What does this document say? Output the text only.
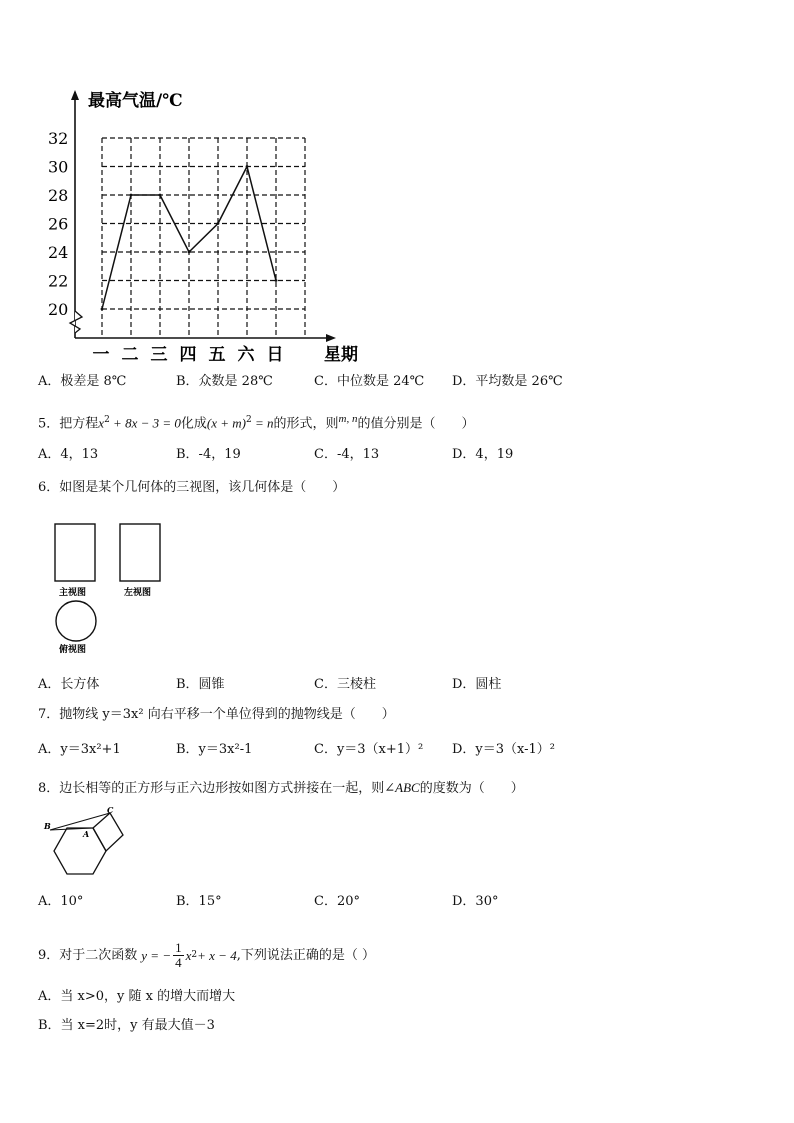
32
30
28
26
24
22
20
一 二 三 四 五 六 日
最高气温/℃
星期
A．极差是 8℃	B．众数是 28℃	C．中位数是 24℃ D．平均数是 26℃
5．把方程$x^2 + 8x - 3 = 0$化成$(x + m)^2 = n$的形式，则$^{m, n}$的值分别是（　　）
A．4，13	B．-4，19	C．-4，13	D．4，19
6．如图是某个几何体的三视图，该几何体是（　　）
主视图	左视图
俯视图
A．长方体	B．圆锥	C．三棱柱	D．圆柱
7．抛物线 y＝3x² 向右平移一个单位得到的抛物线是（　　）
A．y＝3x²+1	B．y＝3x²-1	C．y＝3（x+1）² D．y＝3（x-1）²
8．边长相等的正方形与正六边形按如图方式拼接在一起，则∠ABC的度数为（　　）
A
B
C
A．10°	B．15°	C．20°	D．30°
9．对于二次函数 y = − $\frac{1}{4}$ x 2 + x − 4 ,下列说法正确的是（ ）
A．当 x>0，y 随 x 的增大而增大
B．当 x=2时，y 有最大值－3
